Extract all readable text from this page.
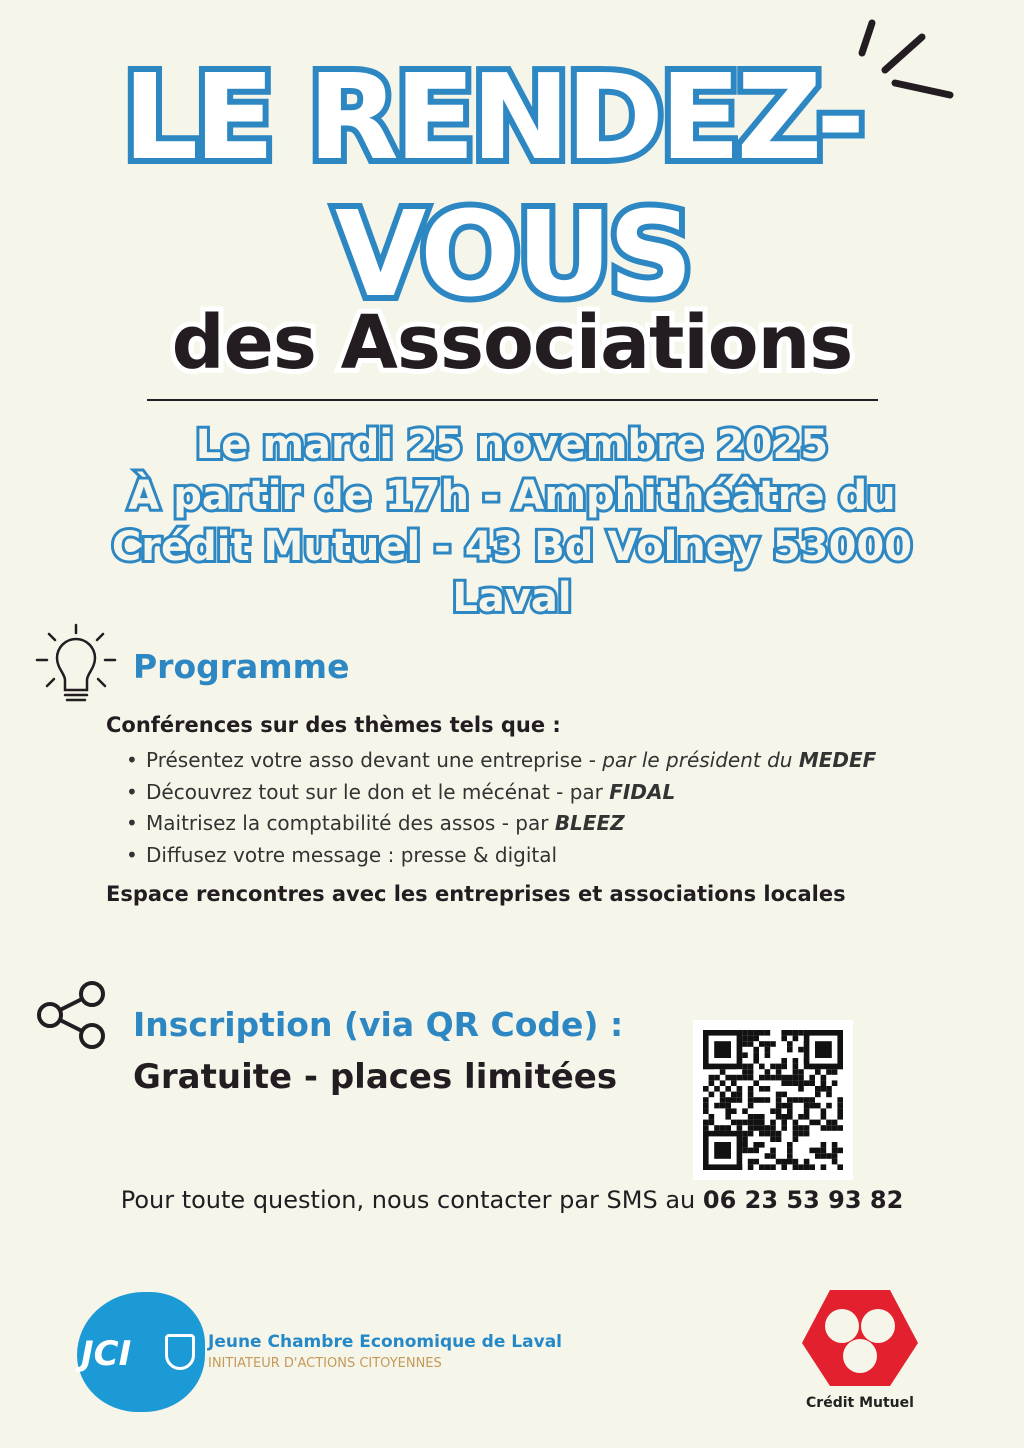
LE RENDEZ-
VOUS
des Associations
Le mardi 25 novembre 2025
À partir de 17h - Amphithéâtre du
Crédit Mutuel - 43 Bd Volney 53000
Laval
Programme
Conférences sur des thèmes tels que :
• Présentez votre asso devant une entreprise - par le président du MEDEF
• Découvrez tout sur le don et le mécénat - par FIDAL
• Maitrisez la comptabilité des assos - par BLEEZ
• Diffusez votre message : presse & digital
Espace rencontres avec les entreprises et associations locales
Inscription (via QR Code) :
Gratuite - places limitées
Pour toute question, nous contacter par SMS au 06 23 53 93 82
JCI	Jeune Chambre Economique de Laval
INITIATEUR D'ACTIONS CITOYENNES
Crédit Mutuel
